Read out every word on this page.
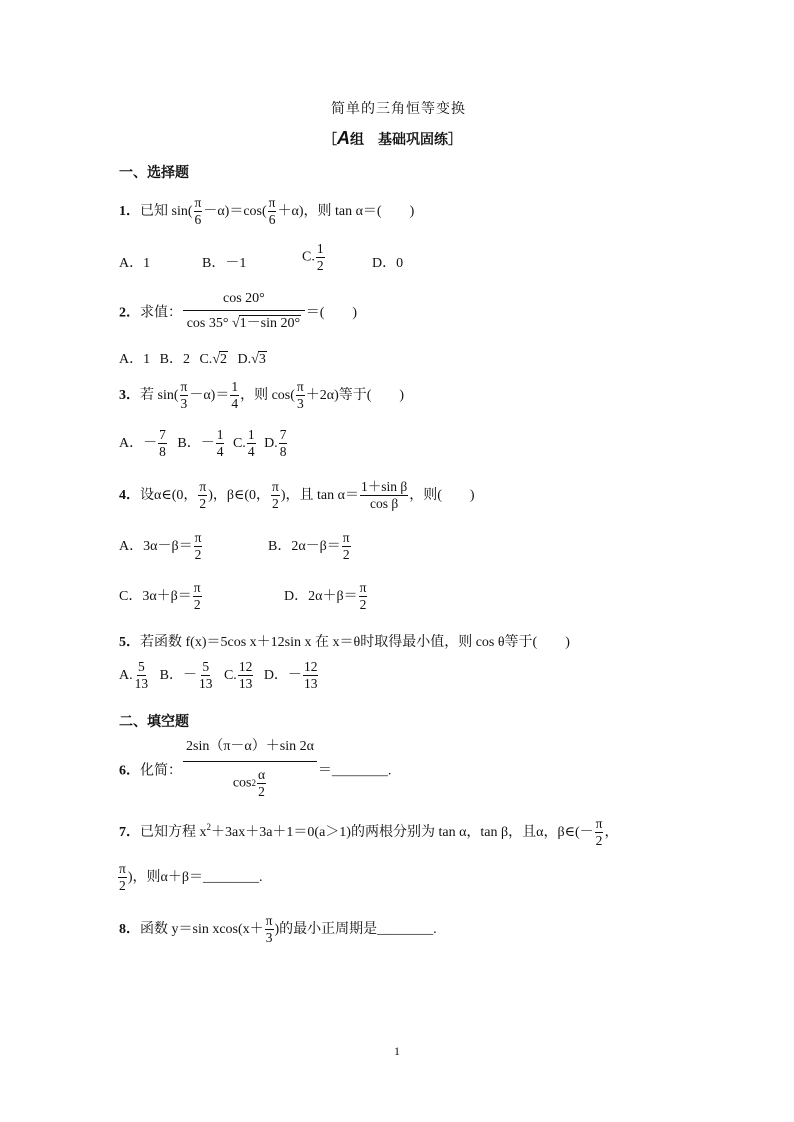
简单的三角恒等变换
［A组　基础巩固练］
一、选择题
1．已知 $\sin( \frac{\pi}{6} -\alpha)=\cos( \frac{\pi}{6} +\alpha)$，则 tan α＝(　　)
A．1	B．－1	C. $\frac{1}{2}$	D．0
2．求值： $\frac{\cos 20^\circ}{\cos 35^\circ √1-\sin 20^\circ}$ ＝(　　)
A．1 B．2 C.√2 D.√3
3．若 $\sin( \frac{\pi}{3} -\alpha)= \frac{1}{4}$ ，则 $\cos( \frac{\pi}{3} +2\alpha)$等于(　　)
A．－ $\frac{7}{8}$ B．－ $\frac{1}{4} C$. $\frac{1}{4} D$. $\frac{7}{8}$
4．设α∈(0， $\frac{\pi}{2}$ )，β∈(0， $\frac{\pi}{2}$ )，且 $\tan \alpha= \frac{\text{1＋sin β}}{\text{cos β}}$ ，则(　　)
A．$3\alpha-\beta= \frac{\pi}{2}$	B．$2\alpha-\beta= \frac{\pi}{2}$
C．$3\alpha+\beta= \frac{\pi}{2}$	D．$2\alpha+\beta= \frac{\pi}{2}$
5．若函数 f(x)＝5cos x＋12sin x 在 x＝θ时取得最小值，则 cos θ等于(　　)
A. $\frac{5}{13}$ B．－ $\frac{5}{13} C$. $\frac{12}{13}$ D．－ $\frac{12}{13}$
二、填空题
6．化简： $\frac{2\sin(\pi-\alpha)+\sin 2\alpha}{\cos 2 \frac{\alpha}{2}}$ ＝________.
7．已知方程 $x^2+3ax+3a+1=0(a>1)$的两根分别为 tan α，tan β，且α，β∈(－ $\frac{\pi}{2}$ ，
$\frac{\pi}{2}$ )，则α＋β＝________.
8．函数 y＝sin $xcos(x+ \frac{\pi}{3}$ )的最小正周期是________.
1
